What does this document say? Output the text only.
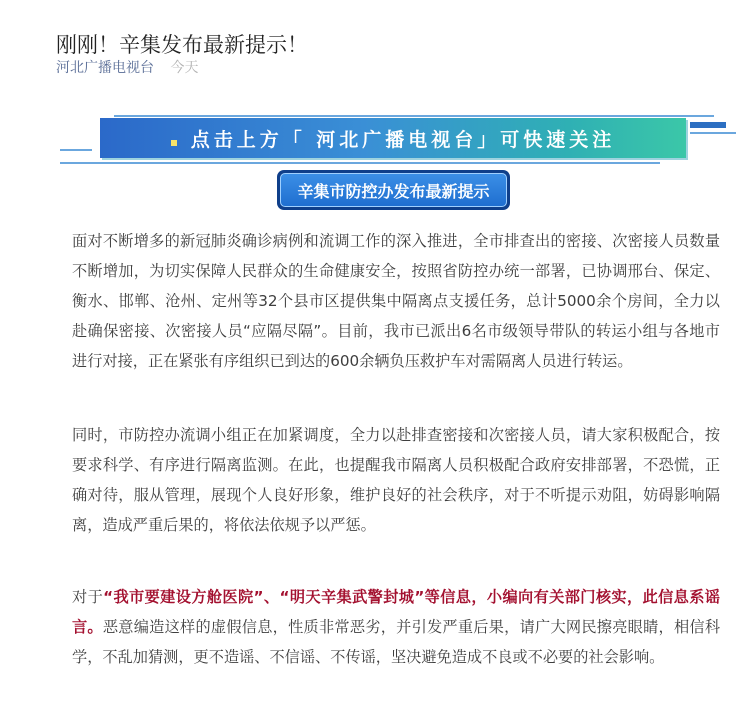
刚刚！辛集发布最新提示！
河北广播电视台 今天
点击上方「 河北广播电视台」可快速关注
辛集市防控办发布最新提示

面对不断增多的新冠肺炎确诊病例和流调工作的深入推进，全市排查出的密接、次密接人员数量不断增加，为切实保障人民群众的生命健康安全，按照省防控办统一部署，已协调邢台、保定、衡水、邯郸、沧州、定州等32个县市区提供集中隔离点支援任务，总计5000余个房间，全力以赴确保密接、次密接人员“应隔尽隔”。目前，我市已派出6名市级领导带队的转运小组与各地市进行对接，正在紧张有序组织已到达的600余辆负压救护车对需隔离人员进行转运。

同时，市防控办流调小组正在加紧调度，全力以赴排查密接和次密接人员，请大家积极配合，按要求科学、有序进行隔离监测。在此，也提醒我市隔离人员积极配合政府安排部署，不恐慌，正确对待，服从管理，展现个人良好形象，维护良好的社会秩序，对于不听提示劝阻，妨碍影响隔离，造成严重后果的，将依法依规予以严惩。

对于“我市要建设方舱医院”、“明天辛集武警封城”等信息，小编向有关部门核实，此信息系谣言。恶意编造这样的虚假信息，性质非常恶劣，并引发严重后果，请广大网民擦亮眼睛，相信科学，不乱加猜测，更不造谣、不信谣、不传谣，坚决避免造成不良或不必要的社会影响。
